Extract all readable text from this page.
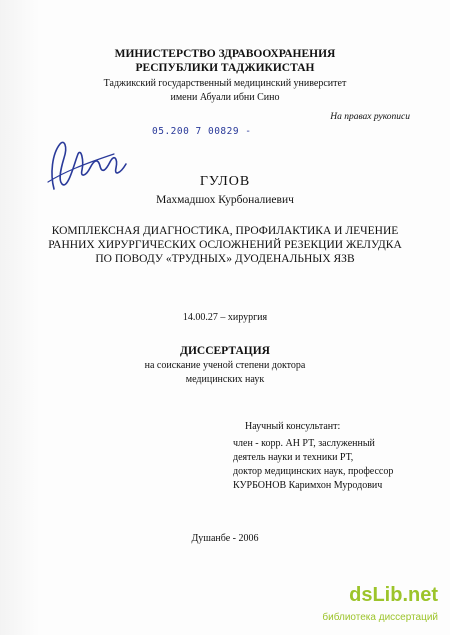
МИНИСТЕРСТВО ЗДРАВООХРАНЕНИЯ
РЕСПУБЛИКИ ТАДЖИКИСТАН
Таджикский государственный медицинский университет
имени Абуали ибни Сино
На правах рукописи
05.200 7 00829 -
ГУЛОВ
Махмадшох Курбоналиевич
КОМПЛЕКСНАЯ ДИАГНОСТИКА, ПРОФИЛАКТИКА И ЛЕЧЕНИЕ
РАННИХ ХИРУРГИЧЕСКИХ ОСЛОЖНЕНИЙ РЕЗЕКЦИИ ЖЕЛУДКА
ПО ПОВОДУ «ТРУДНЫХ» ДУОДЕНАЛЬНЫХ ЯЗВ
14.00.27 – хирургия
ДИССЕРТАЦИЯ
на соискание ученой степени доктора
медицинских наук
Научный консультант:
член - корр. АН РТ, заслуженный
деятель науки и техники РТ,
доктор медицинских наук, профессор
КУРБОНОВ Каримхон Муродович
Душанбе - 2006
dsLib.net
библиотека диссертаций
